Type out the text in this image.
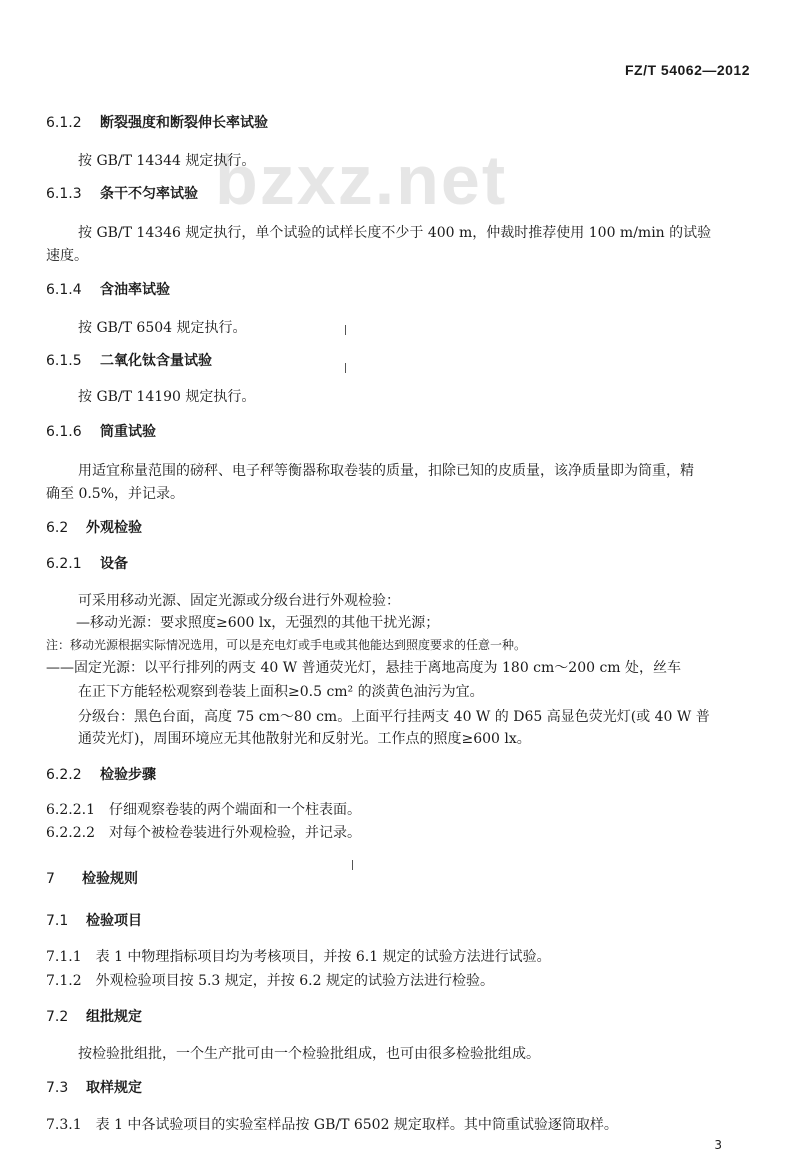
FZ/T 54062—2012
bzxz.net
6.1.2 断裂强度和断裂伸长率试验
按 GB/T 14344 规定执行。
6.1.3 条干不匀率试验
按 GB/T 14346 规定执行，单个试验的试样长度不少于 400 m，仲裁时推荐使用 100 m/min 的试验
速度。
6.1.4 含油率试验
按 GB/T 6504 规定执行。
6.1.5 二氧化钛含量试验
按 GB/T 14190 规定执行。
6.1.6 筒重试验
用适宜称量范围的磅秤、电子秤等衡器称取卷装的质量，扣除已知的皮质量，该净质量即为筒重，精
确至 0.5%，并记录。
6.2 外观检验
6.2.1 设备
可采用移动光源、固定光源或分级台进行外观检验：
—移动光源：要求照度≥600 lx，无强烈的其他干扰光源；
注：移动光源根据实际情况选用，可以是充电灯或手电或其他能达到照度要求的任意一种。
——固定光源：以平行排列的两支 40 W 普通荧光灯，悬挂于离地高度为 180 cm～200 cm 处，丝车
在正下方能轻松观察到卷装上面积≥0.5 cm² 的淡黄色油污为宜。
分级台：黑色台面，高度 75 cm～80 cm。上面平行挂两支 40 W 的 D65 高显色荧光灯(或 40 W 普
通荧光灯)，周围环境应无其他散射光和反射光。工作点的照度≥600 lx。
6.2.2 检验步骤
6.2.2.1　仔细观察卷装的两个端面和一个柱表面。
6.2.2.2　对每个被检卷装进行外观检验，并记录。
7 检验规则
7.1 检验项目
7.1.1　表 1 中物理指标项目均为考核项目，并按 6.1 规定的试验方法进行试验。
7.1.2　外观检验项目按 5.3 规定，并按 6.2 规定的试验方法进行检验。
7.2 组批规定
按检验批组批，一个生产批可由一个检验批组成，也可由很多检验批组成。
7.3 取样规定
7.3.1　表 1 中各试验项目的实验室样品按 GB/T 6502 规定取样。其中筒重试验逐筒取样。
3
